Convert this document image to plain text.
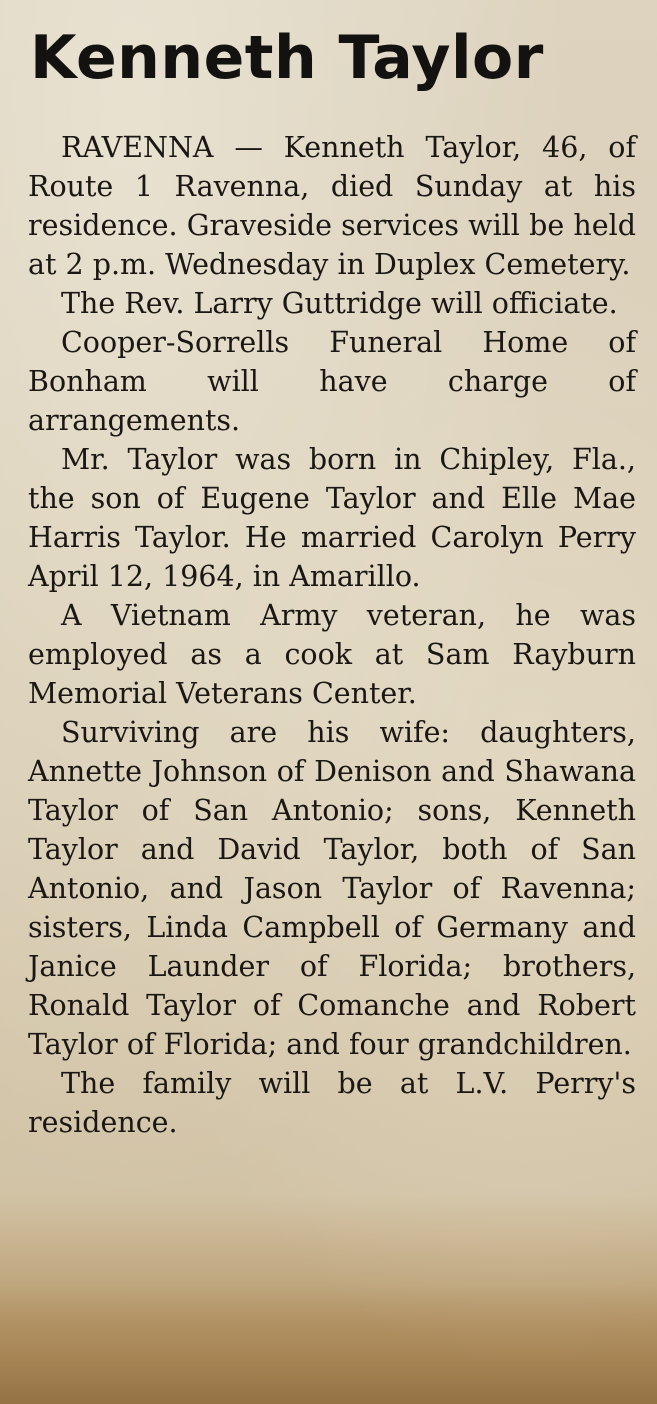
Kenneth Taylor

RAVENNA — Kenneth Taylor, 46, of Route 1 Ravenna, died Sunday at his residence. Graveside services will be held at 2 p.m. Wednesday in Duplex Cemetery.

The Rev. Larry Guttridge will officiate.

Cooper-Sorrells Funeral Home of Bonham will have charge of arrangements.

Mr. Taylor was born in Chipley, Fla., the son of Eugene Taylor and Elle Mae Harris Taylor. He married Carolyn Perry April 12, 1964, in Amarillo.

A Vietnam Army veteran, he was employed as a cook at Sam Rayburn Memorial Veterans Center.

Surviving are his wife: daughters, Annette Johnson of Denison and Shawana Taylor of San Antonio; sons, Kenneth Taylor and David Taylor, both of San Antonio, and Jason Taylor of Ravenna; sisters, Linda Campbell of Germany and Janice Launder of Florida; brothers, Ronald Taylor of Comanche and Robert Taylor of Florida; and four grandchildren.

The family will be at L.V. Perry's residence.
